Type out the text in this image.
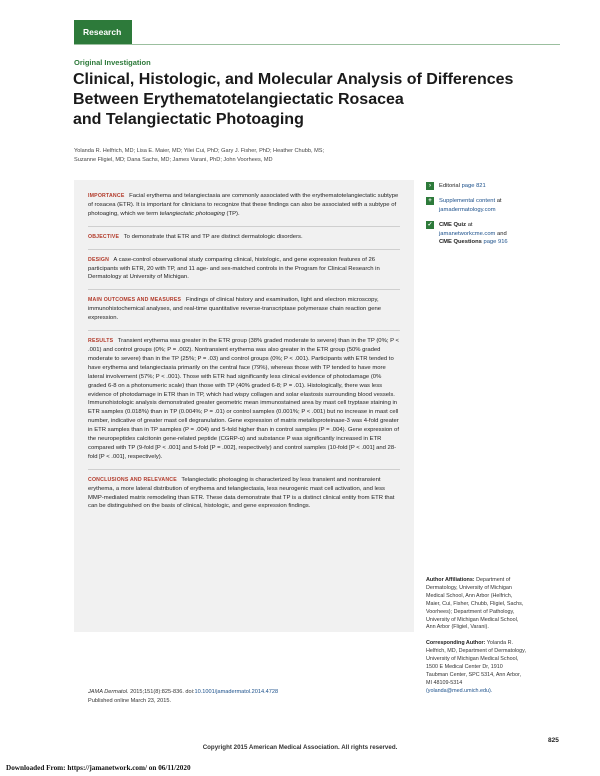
Research
Original Investigation
Clinical, Histologic, and Molecular Analysis of Differences
Between Erythematotelangiectatic Rosacea
and Telangiectatic Photoaging
Yolanda R. Helfrich, MD; Lisa E. Maier, MD; Yilei Cui, PhD; Gary J. Fisher, PhD; Heather Chubb, MS;
Suzanne Fligiel, MD; Dana Sachs, MD; James Varani, PhD; John Voorhees, MD

IMPORTANCE Facial erythema and telangiectasia are commonly associated with the erythematotelangiectatic subtype of rosacea (ETR). It is important for clinicians to recognize that these findings can also be associated with a subtype of photoaging, which we term telangiectatic photoaging (TP).

OBJECTIVE To demonstrate that ETR and TP are distinct dermatologic disorders.

DESIGN A case-control observational study comparing clinical, histologic, and gene expression features of 26 participants with ETR, 20 with TP, and 11 age- and sex-matched controls in the Program for Clinical Research in Dermatology at University of Michigan.

MAIN OUTCOMES AND MEASURES Findings of clinical history and examination, light and electron microscopy, immunohistochemical analyses, and real-time quantitative reverse-transcriptase polymerase chain reaction gene expression.

RESULTS Transient erythema was greater in the ETR group (38% graded moderate to severe) than in the TP (0%; P < .001) and control groups (0%; P = .002). Nontransient erythema was also greater in the ETR group (50% graded moderate to severe) than in the TP (25%; P = .03) and control groups (0%; P < .001). Participants with ETR tended to have erythema and telangiectasia primarily on the central face (79%), whereas those with TP tended to have more lateral involvement (57%; P < .001). Those with ETR had significantly less clinical evidence of photodamage (0% graded 6-8 on a photonumeric scale) than those with TP (40% graded 6-8; P = .01). Histologically, there was less evidence of photodamage in ETR than in TP, which had wispy collagen and solar elastosis surrounding blood vessels. Immunohistologic analysis demonstrated greater geometric mean immunostained area by mast cell tryptase staining in ETR samples (0.018%) than in TP (0.004%; P = .01) or control samples (0.001%; P < .001) but no increase in mast cell number, indicative of greater mast cell degranulation. Gene expression of matrix metalloproteinase-3 was 4-fold greater in ETR samples than in TP samples (P = .004) and 5-fold higher than in control samples (P = .004). Gene expression of the neuropeptides calcitonin gene-related peptide (CGRP-α) and substance P was significantly increased in ETR compared with TP (9-fold [P < .001] and 5-fold [P = .002], respectively) and control samples (10-fold [P < .001] and 28-fold [P < .001], respectively).

CONCLUSIONS AND RELEVANCE Telangiectatic photoaging is characterized by less transient and nontransient erythema, a more lateral distribution of erythema and telangiectasia, less neurogenic mast cell activation, and less MMP-mediated matrix remodeling than ETR. These data demonstrate that TP is a distinct clinical entity from ETR that can be distinguished on the basis of clinical, histologic, and gene expression findings.

JAMA Dermatol. 2015;151(8):825-836. doi:10.1001/jamadermatol.2014.4728
Published online March 23, 2015.
›	Editorial page 821
+	Supplemental content at
jamadermatology.com
✓ CME Quiz at
jamanetworkcme.com and
CME Questions page 916
Author Affiliations: Department of Dermatology, University of Michigan Medical School, Ann Arbor (Helfrich, Maier, Cui, Fisher, Chubb, Fligiel, Sachs, Voorhees); Department of Pathology, University of Michigan Medical School, Ann Arbor (Fligiel, Varani).
Corresponding Author: Yolanda R. Helfrich, MD, Department of Dermatology, University of Michigan Medical School, 1500 E Medical Center Dr, 1910 Taubman Center, SPC 5314, Ann Arbor, MI 48109-5314 (yolanda@med.umich.edu).
825
Copyright 2015 American Medical Association. All rights reserved.
Downloaded From: https://jamanetwork.com/ on 06/11/2020
